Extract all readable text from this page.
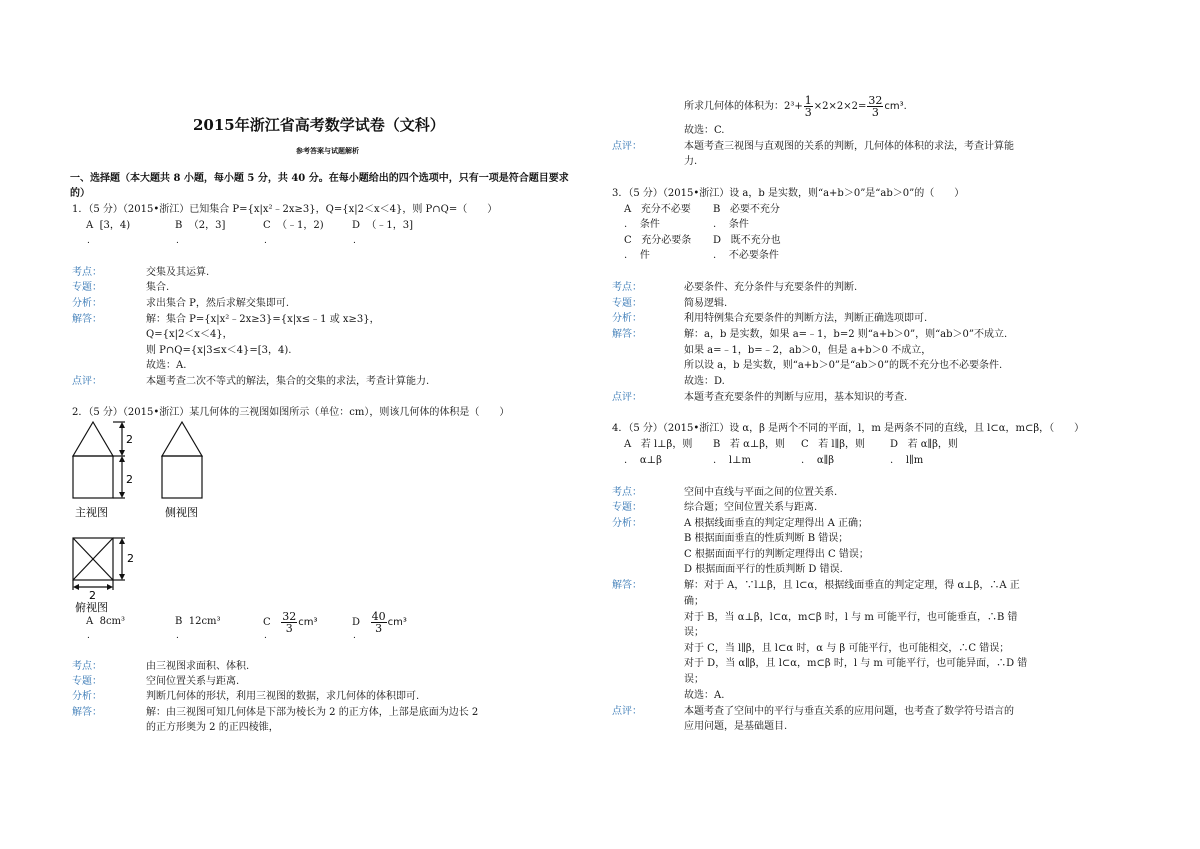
2015年浙江省高考数学试卷（文科）
参考答案与试题解析
一、选择题（本大题共 8 小题，每小题 5 分，共 40 分。在每小题给出的四个选项中，只有一项是符合题目要求
的）
1．（5 分）（2015•浙江）已知集合 P={x|x²﹣2x≥3}，Q={x|2＜x＜4}，则 P∩Q=（　　）
A [3，4)	B （2，3]	C （﹣1，2)	D （﹣1，3]
.	.	.	.
考点：	交集及其运算.
专题：	集合.
分析：	求出集合 P，然后求解交集即可.
解答：	解：集合 P={x|x²﹣2x≥3}={x|x≤﹣1 或 x≥3}，
Q={x|2＜x＜4}，
则 P∩Q={x|3≤x＜4}=[3，4).
故选：A.
点评：	本题考查二次不等式的解法，集合的交集的求法，考查计算能力.
2．（5 分）（2015•浙江）某几何体的三视图如图所示（单位：cm），则该几何体的体积是（　　）
2
2
主视图	侧视图
2
2
俯视图
A 8cm³	B 12cm³	C $\frac{32}{3} cm^3$	D $\frac{40}{3} cm^3$
.	.	.	.
考点：	由三视图求面积、体积.
专题：	空间位置关系与距离.
分析：	判断几何体的形状，利用三视图的数据，求几何体的体积即可.
解答：	解：由三视图可知几何体是下部为棱长为 2 的正方体，上部是底面为边长 2
的正方形奥为 2 的正四棱锥，
所求几何体的体积为：$2^3+ \frac{1}{3} \times 2\times 2\times 2= \frac{32}{3} cm^3$.
故选：C.
点评：	本题考查三视图与直观图的关系的判断，几何体的体积的求法，考查计算能
力.
3．（5 分）（2015•浙江）设 a，b 是实数，则“a+b＞0”是“ab＞0”的（　　）
A 充分不必要
.    条件
B 必要不充分
.    条件
C 充分必要条
.    件
D 既不充分也
.    不必要条件
考点：	必要条件、充分条件与充要条件的判断.
专题：	简易逻辑.
分析：	利用特例集合充要条件的判断方法，判断正确选项即可.
解答：	解：a，b 是实数，如果 a=﹣1，b=2 则“a+b＞0”，则“ab＞0”不成立.
如果 a=﹣1，b=﹣2，ab＞0，但是 a+b＞0 不成立，
所以设 a，b 是实数，则“a+b＞0”是“ab＞0”的既不充分也不必要条件.
故选：D.
点评：	本题考查充要条件的判断与应用，基本知识的考查.
4．（5 分）（2015•浙江）设 α，β 是两个不同的平面，l，m 是两条不同的直线，且 l⊂α，m⊂β，（　　）
A 若 l⊥β，则
.    α⊥β
B 若 α⊥β，则
.    l⊥m
C 若 l∥β，则
.    α∥β
D 若 α∥β，则
.    l∥m
考点：	空间中直线与平面之间的位置关系.
专题：	综合题；空间位置关系与距离.
分析：	A 根据线面垂直的判定定理得出 A 正确；
B 根据面面垂直的性质判断 B 错误；
C 根据面面平行的判断定理得出 C 错误；
D 根据面面平行的性质判断 D 错误.
解答：	解：对于 A，∵l⊥β，且 l⊂α，根据线面垂直的判定定理，得 α⊥β，∴A 正
确；
对于 B，当 α⊥β，l⊂α，m⊂β 时，l 与 m 可能平行，也可能垂直，∴B 错
误；
对于 C，当 l∥β，且 l⊂α 时，α 与 β 可能平行，也可能相交，∴C 错误；
对于 D，当 α∥β，且 l⊂α，m⊂β 时，l 与 m 可能平行，也可能异面，∴D 错
误；
故选：A.
点评：	本题考查了空间中的平行与垂直关系的应用问题，也考查了数学符号语言的
应用问题，是基础题目.
